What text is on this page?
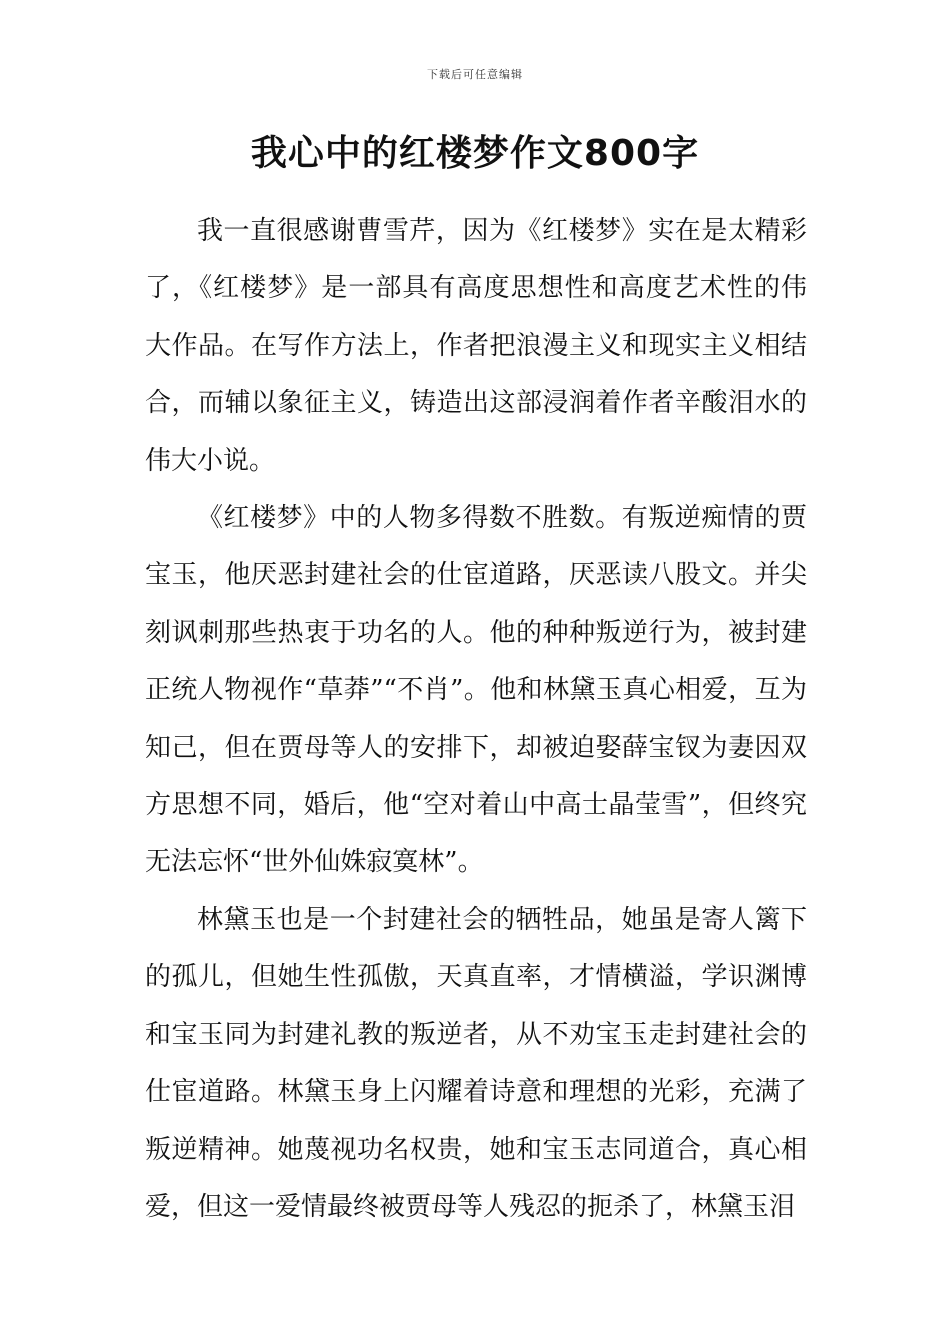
下载后可任意编辑
我心中的红楼梦作文800字

我一直很感谢曹雪芹，因为《红楼梦》实在是太精彩了，《红楼梦》是一部具有高度思想性和高度艺术性的伟大作品。在写作方法上，作者把浪漫主义和现实主义相结合，而辅以象征主义，铸造出这部浸润着作者辛酸泪水的伟大小说。

《红楼梦》中的人物多得数不胜数。有叛逆痴情的贾宝玉，他厌恶封建社会的仕宦道路，厌恶读八股文。并尖刻讽刺那些热衷于功名的人。他的种种叛逆行为，被封建正统人物视作“草莽”“不肖”。他和林黛玉真心相爱，互为知己，但在贾母等人的安排下，却被迫娶薛宝钗为妻因双方思想不同，婚后，他“空对着山中高士晶莹雪”，但终究无法忘怀“世外仙姝寂寞林”。

林黛玉也是一个封建社会的牺牲品，她虽是寄人篱下的孤儿，但她生性孤傲，天真直率，才情横溢，学识渊博和宝玉同为封建礼教的叛逆者，从不劝宝玉走封建社会的仕宦道路。林黛玉身上闪耀着诗意和理想的光彩，充满了叛逆精神。她蔑视功名权贵，她和宝玉志同道合，真心相爱，但这一爱情最终被贾母等人残忍的扼杀了，林黛玉泪
